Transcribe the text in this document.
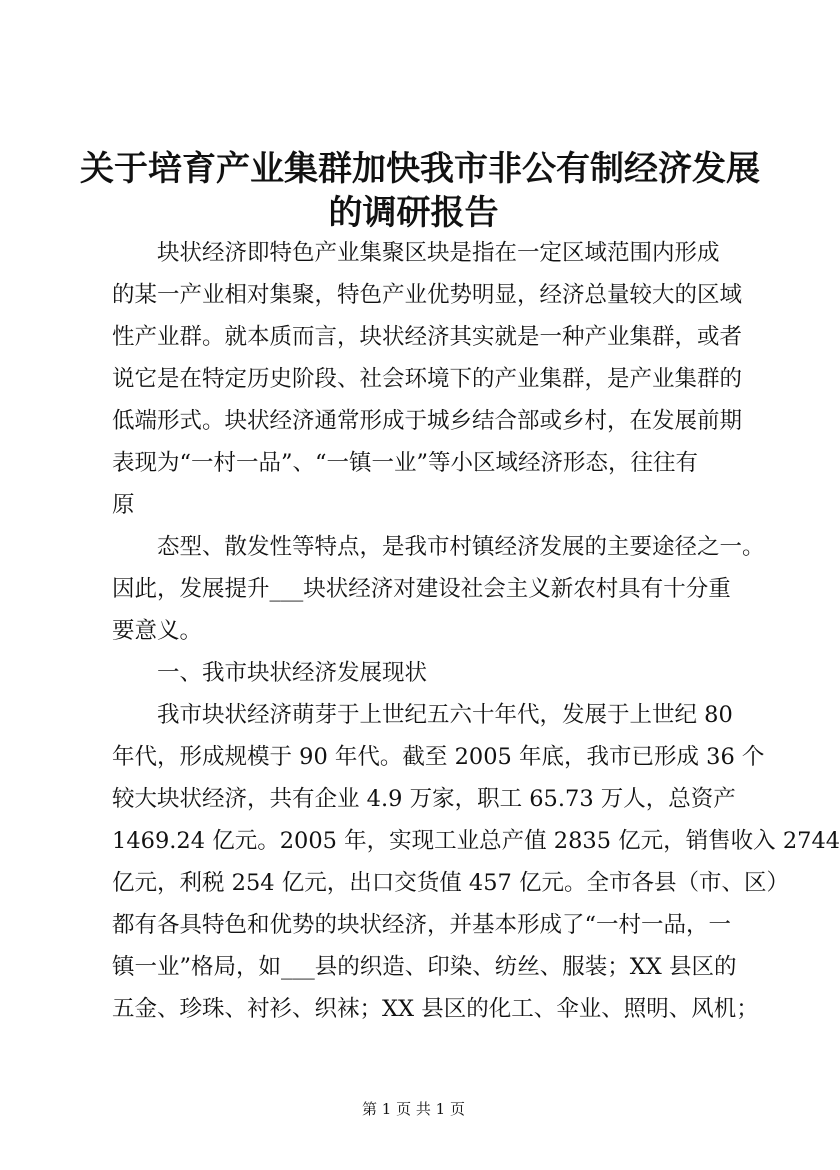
关于培育产业集群加快我市非公有制经济发展
的调研报告
　　块状经济即特色产业集聚区块是指在一定区域范围内形成
的某一产业相对集聚，特色产业优势明显，经济总量较大的区域
性产业群。就本质而言，块状经济其实就是一种产业集群，或者
说它是在特定历史阶段、社会环境下的产业集群，是产业集群的
低端形式。块状经济通常形成于城乡结合部或乡村，在发展前期
表现为“一村一品”、“一镇一业”等小区域经济形态，往往有
原
　　态型、散发性等特点，是我市村镇经济发展的主要途径之一。
因此，发展提升___块状经济对建设社会主义新农村具有十分重
要意义。
　　一、我市块状经济发展现状
　　我市块状经济萌芽于上世纪五六十年代，发展于上世纪 80
年代，形成规模于 90 年代。截至 2005 年底，我市已形成 36 个
较大块状经济，共有企业 4.9 万家，职工 65.73 万人，总资产
1469.24 亿元。2005 年，实现工业总产值 2835 亿元，销售收入 2744
亿元，利税 254 亿元，出口交货值 457 亿元。全市各县（市、区）
都有各具特色和优势的块状经济，并基本形成了“一村一品，一
镇一业”格局，如___县的织造、印染、纺丝、服装；XX 县区的
五金、珍珠、衬衫、织袜；XX 县区的化工、伞业、照明、风机；
第 1 页 共 1 页
